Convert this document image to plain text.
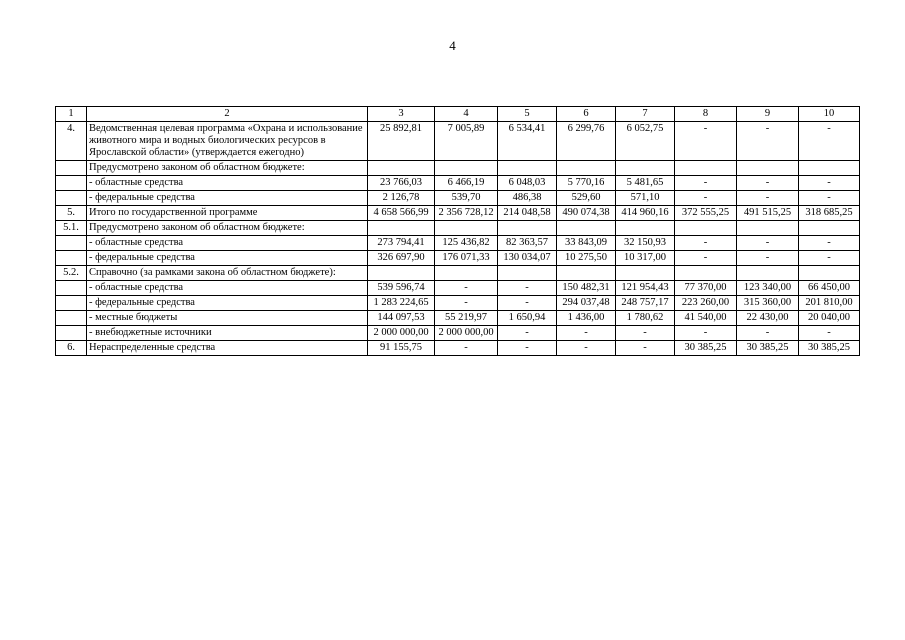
4
1	2	3	4	5	6	7	8	9	10
4.	Ведомственная целевая программа «Охрана и использование животного мира и водных биологических ресурсов в Ярославской области» (утверждается ежегодно)	25 892,81	7 005,89	6 534,41	6 299,76	6 052,75	-	-	-
	Предусмотрено законом об областном бюджете:								
	- областные средства	23 766,03	6 466,19	6 048,03	5 770,16	5 481,65	-	-	-
	- федеральные средства	2 126,78	539,70	486,38	529,60	571,10	-	-	-
5.	Итого по государственной программе	4 658 566,99	2 356 728,12	214 048,58	490 074,38	414 960,16	372 555,25	491 515,25	318 685,25
5.1.	Предусмотрено законом об областном бюджете:								
	- областные средства	273 794,41	125 436,82	82 363,57	33 843,09	32 150,93	-	-	-
	- федеральные средства	326 697,90	176 071,33	130 034,07	10 275,50	10 317,00	-	-	-
5.2.	Справочно (за рамками закона об областном бюджете):								
	- областные средства	539 596,74	-	-	150 482,31	121 954,43	77 370,00	123 340,00	66 450,00
	- федеральные средства	1 283 224,65	-	-	294 037,48	248 757,17	223 260,00	315 360,00	201 810,00
	- местные бюджеты	144 097,53	55 219,97	1 650,94	1 436,00	1 780,62	41 540,00	22 430,00	20 040,00
	- внебюджетные источники	2 000 000,00	2 000 000,00	-	-	-	-	-	-
6.	Нераспределенные средства	91 155,75	-	-	-	-	30 385,25	30 385,25	30 385,25
